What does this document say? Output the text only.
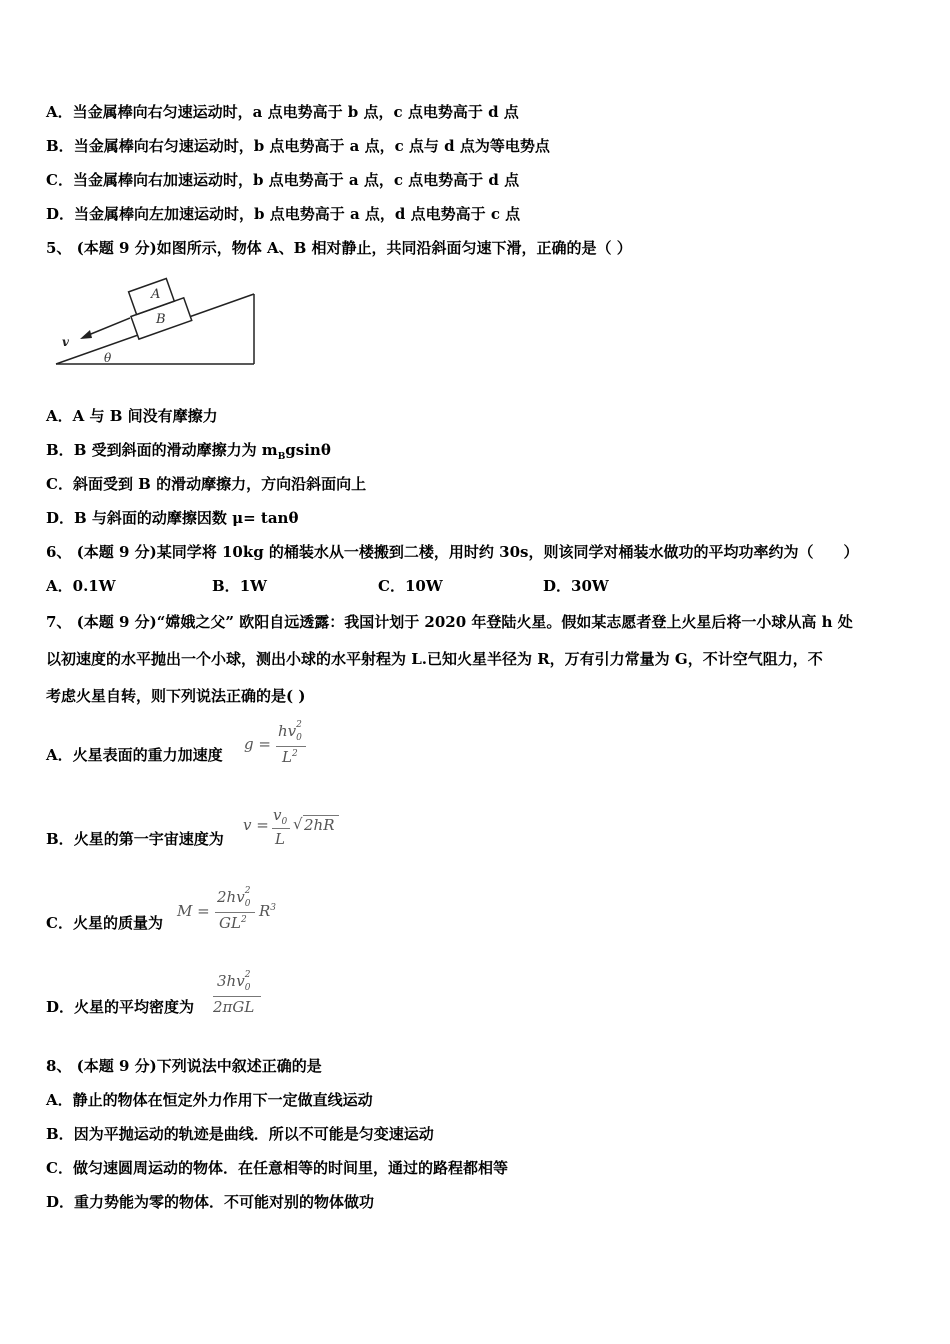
A．当金属棒向右匀速运动时，a 点电势高于 b 点，c 点电势高于 d 点
B．当金属棒向右匀速运动时，b 点电势高于 a 点，c 点与 d 点为等电势点
C．当金属棒向右加速运动时，b 点电势高于 a 点，c 点电势高于 d 点
D．当金属棒向左加速运动时，b 点电势高于 a 点，d 点电势高于 c 点
5、 (本题 9 分)如图所示，物体 A、B 相对静止，共同沿斜面匀速下滑，正确的是（ ）
B
A
v
θ
A．A 与 B 间没有摩擦力
B．B 受到斜面的滑动摩擦力为 $m_Bgsin\theta$
C．斜面受到 B 的滑动摩擦力，方向沿斜面向上
D．B 与斜面的动摩擦因数 μ= tanθ
6、 (本题 9 分)某同学将 10kg 的桶装水从一楼搬到二楼，用时约 30s，则该同学对桶装水做功的平均功率约为（　　）
A．0.1W	B．1W	C．10W	D．30W
7、 (本题 9 分)“嫦娥之父” 欧阳自远透露：我国计划于 2020 年登陆火星。假如某志愿者登上火星后将一小球从高 h 处
以初速度的水平抛出一个小球，测出小球的水平射程为 L.已知火星半径为 R，万有引力常量为 G，不计空气阻力，不
考虑火星自转，则下列说法正确的是( )
A．火星表面的重力加速度
g =
hv $_{2 0}$
$L^2$
B．火星的第一宇宙速度为
v =
$v_0$
L
√ 2hR
C．火星的质量为
M =
2hv $_{2 0}$
$GL^2$ $R^3$
D．火星的平均密度为
3hv $_{2 0}$
2πGL
8、 (本题 9 分)下列说法中叙述正确的是
A．静止的物体在恒定外力作用下一定做直线运动
B．因为平抛运动的轨迹是曲线．所以不可能是匀变速运动
C．做匀速圆周运动的物体．在任意相等的时间里，通过的路程都相等
D．重力势能为零的物体．不可能对别的物体做功
